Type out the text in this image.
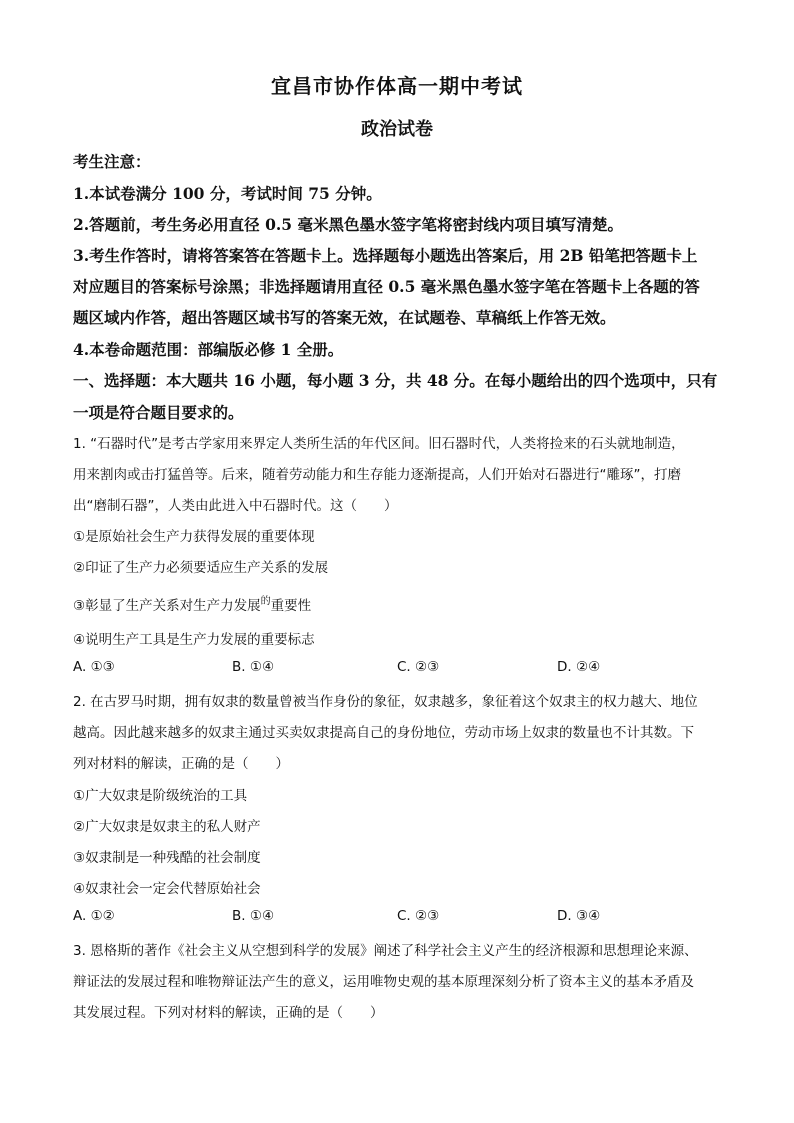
宜昌市协作体高一期中考试
政治试卷
考生注意：
1.本试卷满分 100 分，考试时间 75 分钟。
2.答题前，考生务必用直径 0.5 毫米黑色墨水签字笔将密封线内项目填写清楚。
3.考生作答时，请将答案答在答题卡上。选择题每小题选出答案后，用 2B 铅笔把答题卡上
对应题目的答案标号涂黑；非选择题请用直径 0.5 毫米黑色墨水签字笔在答题卡上各题的答
题区域内作答，超出答题区域书写的答案无效，在试题卷、草稿纸上作答无效。
4.本卷命题范围：部编版必修 1 全册。
一、选择题：本大题共 16 小题，每小题 3 分，共 48 分。在每小题给出的四个选项中，只有
一项是符合题目要求的。
1. “石器时代”是考古学家用来界定人类所生活的年代区间。旧石器时代，人类将捡来的石头就地制造，
用来割肉或击打猛兽等。后来，随着劳动能力和生存能力逐渐提高，人们开始对石器进行“雕琢”，打磨
出“磨制石器”，人类由此进入中石器时代。这（　　）
①是原始社会生产力获得发展的重要体现
②印证了生产力必须要适应生产关系的发展
③彰显了生产关系对生产力发展$^的$重要性
④说明生产工具是生产力发展的重要标志
A. ①③	B. ①④	C. ②③	D. ②④
2. 在古罗马时期，拥有奴隶的数量曾被当作身份的象征，奴隶越多，象征着这个奴隶主的权力越大、地位
越高。因此越来越多的奴隶主通过买卖奴隶提高自己的身份地位，劳动市场上奴隶的数量也不计其数。下
列对材料的解读，正确的是（　　）
①广大奴隶是阶级统治的工具
②广大奴隶是奴隶主的私人财产
③奴隶制是一种残酷的社会制度
④奴隶社会一定会代替原始社会
A. ①②	B. ①④	C. ②③	D. ③④
3. 恩格斯的著作《社会主义从空想到科学的发展》阐述了科学社会主义产生的经济根源和思想理论来源、
辩证法的发展过程和唯物辩证法产生的意义，运用唯物史观的基本原理深刻分析了资本主义的基本矛盾及
其发展过程。下列对材料的解读，正确的是（　　）
